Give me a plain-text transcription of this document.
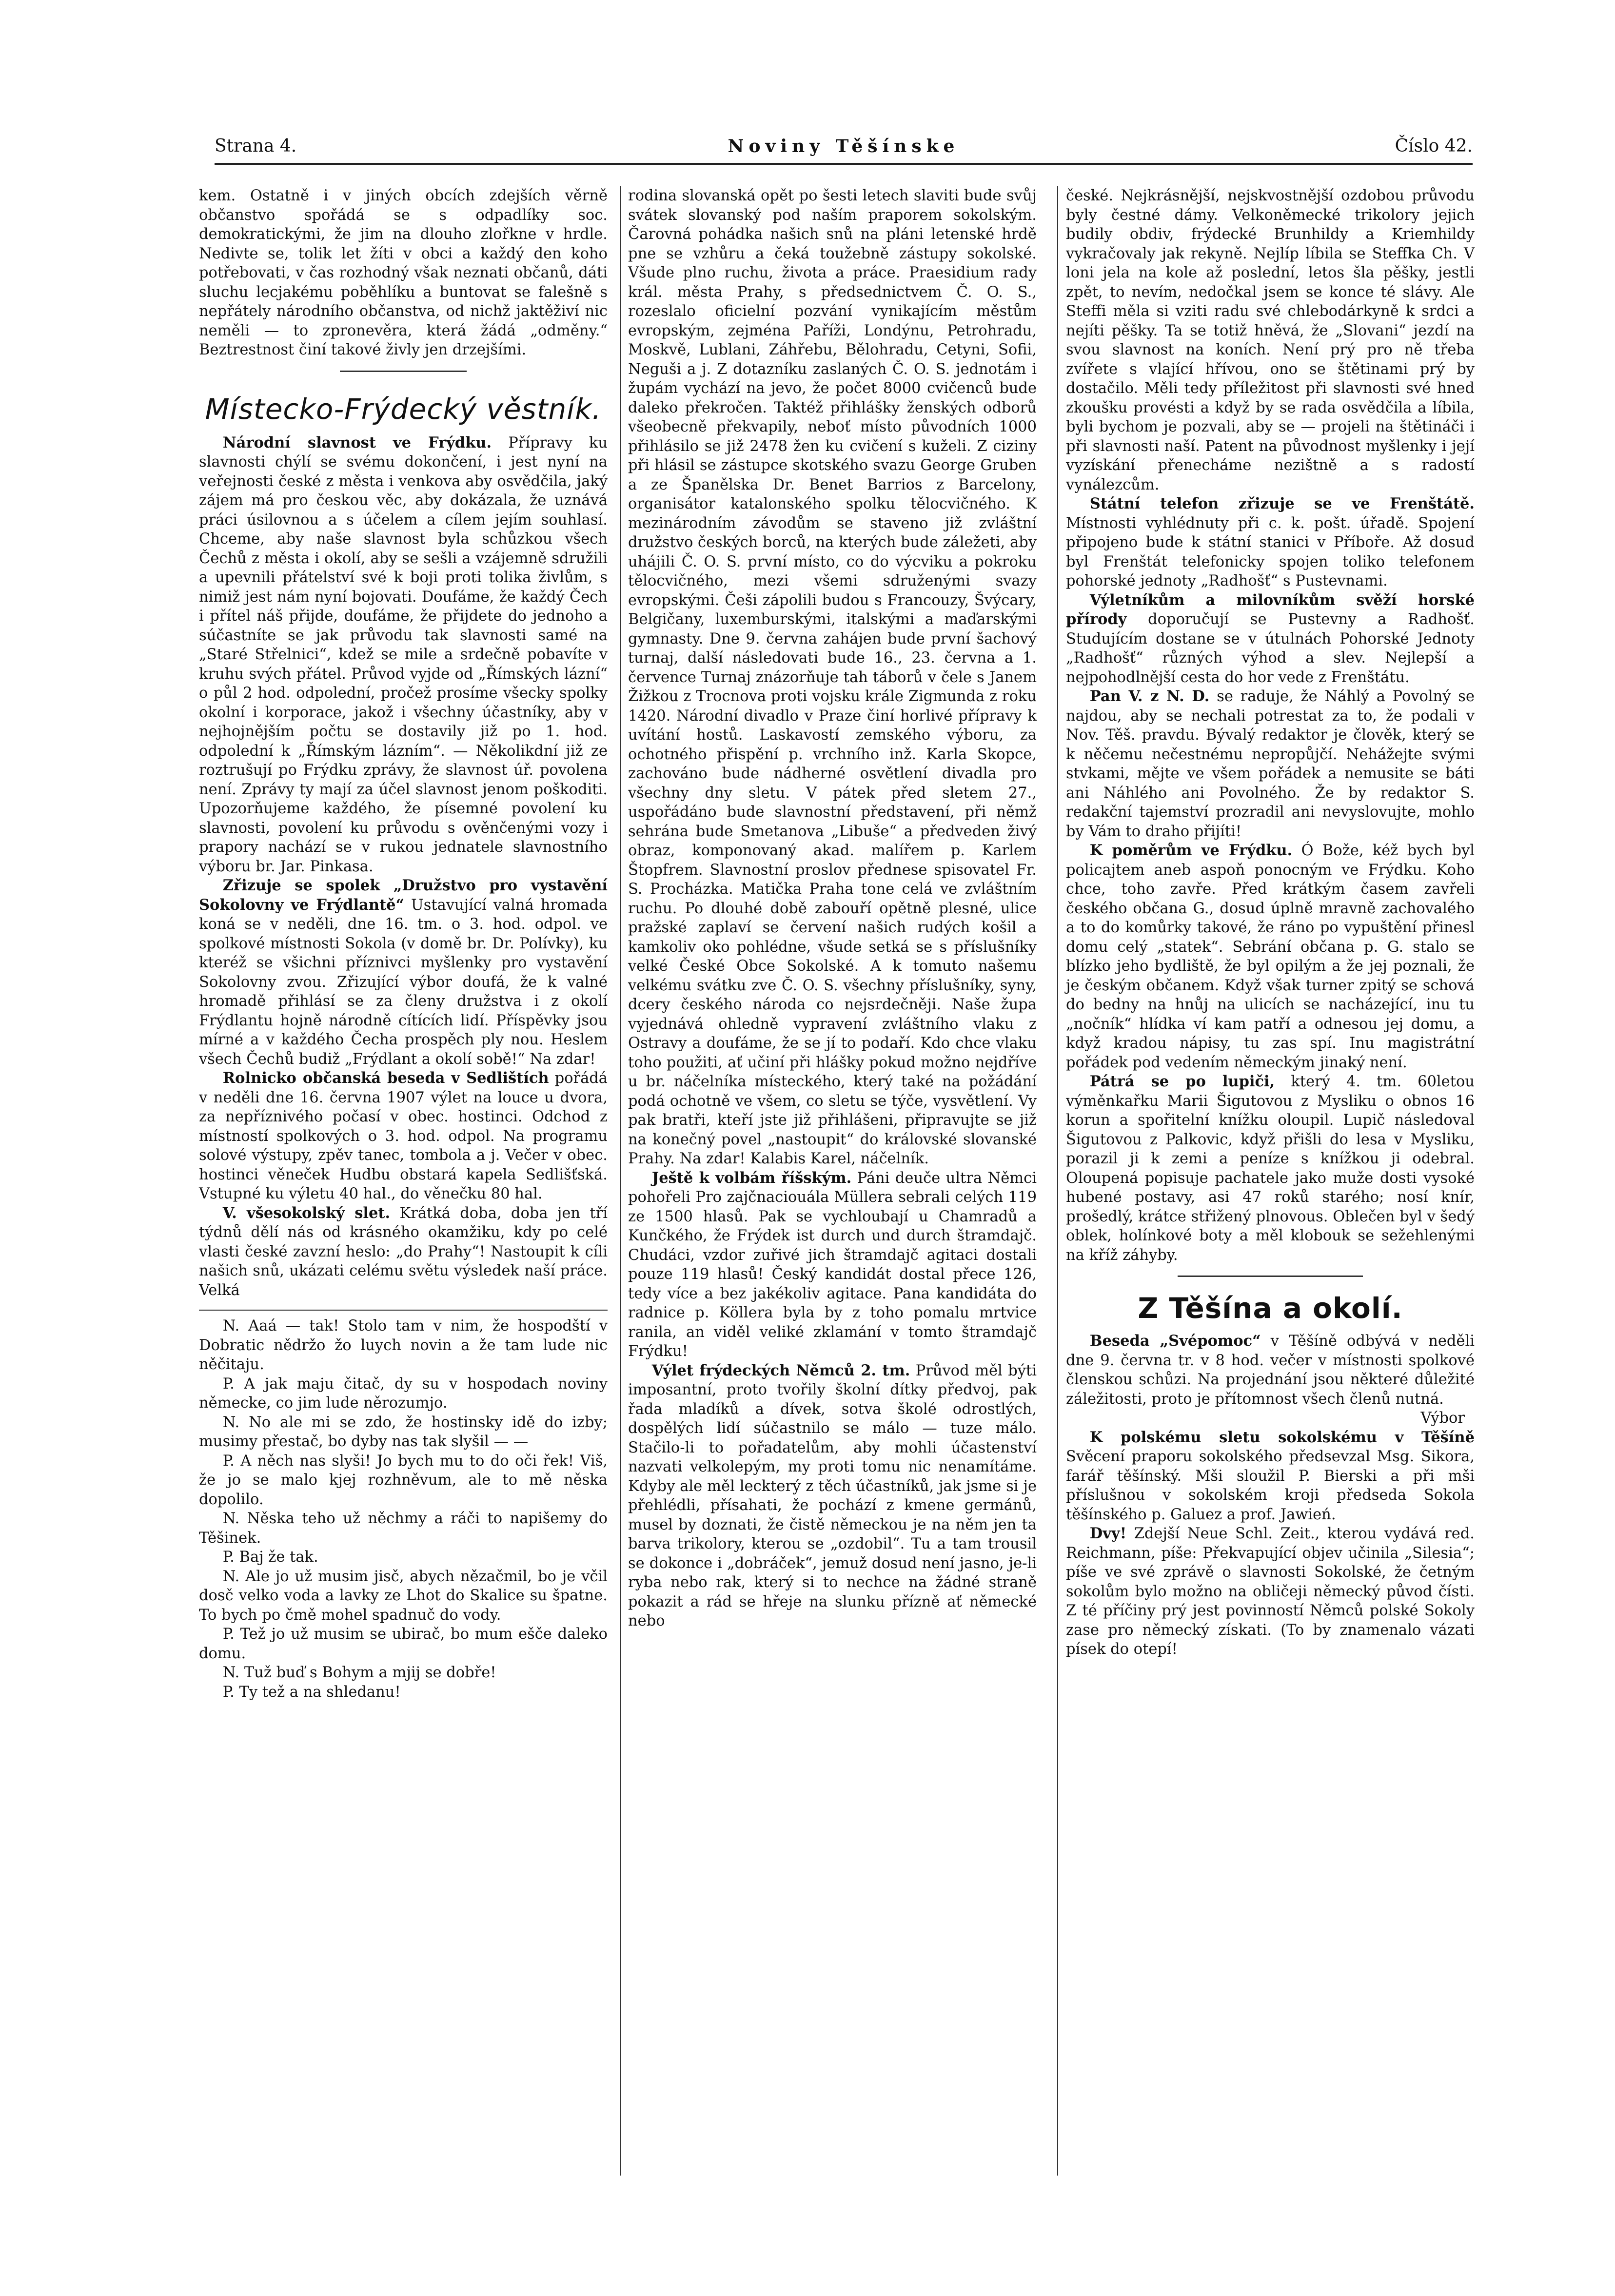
Strana 4.	Noviny Těšínske	Číslo 42.

kem. Ostatně i v jiných obcích zdejších věrně občanstvo spořádá se s odpadlíky soc. demokratickými, že jim na dlouho zlořkne v hrdle. Nedivte se, tolik let žíti v obci a každý den koho potřebovati, v čas rozhodný však neznati občanů, dáti sluchu lecjakému poběhlíku a buntovat se falešně s nepřátely národního občanstva, od nichž jaktěživí nic neměli — to zpronevěra, která žádá „odměny.“ Beztrestnost činí takové živly jen drzejšími.

Místecko-Frýdecký věstník.

Národní slavnost ve Frýdku. Přípravy ku slavnosti chýlí se svému dokončení, i jest nyní na veřejnosti české z města i venkova aby osvědčila, jaký zájem má pro českou věc, aby dokázala, že uznává práci úsilovnou a s účelem a cílem jejím souhlasí. Chceme, aby naše slavnost byla schůzkou všech Čechů z města i okolí, aby se sešli a vzájemně sdružili a upevnili přátelství své k boji proti tolika živlům, s nimiž jest nám nyní bojovati. Doufáme, že každý Čech i přítel náš přijde, doufáme, že přijdete do jednoho a súčastníte se jak průvodu tak slavnosti samé na „Staré Střelnici“, kdež se mile a srdečně pobavíte v kruhu svých přátel. Průvod vyjde od „Římských lázní“ o půl 2 hod. odpolední, pročež prosíme všecky spolky okolní i korporace, jakož i všechny účastníky, aby v nejhojnějším počtu se dostavily již po 1. hod. odpolední k „Římským lázním“. — Několikdní již ze roztrušují po Frýdku zprávy, že slavnost úř. povolena není. Zprávy ty mají za účel slavnost jenom poškoditi. Upozorňujeme každého, že písemné povolení ku slavnosti, povolení ku průvodu s ověnčenými vozy i prapory nachází se v rukou jednatele slavnostního výboru br. Jar. Pinkasa.

Zřizuje se spolek „Družstvo pro vystavění Sokolovny ve Frýdlantě“ Ustavující valná hromada koná se v neděli, dne 16. tm. o 3. hod. odpol. ve spolkové místnosti Sokola (v domě br. Dr. Polívky), ku kteréž se všichni příznivci myšlenky pro vystavění Sokolovny zvou. Zřizující výbor doufá, že k valné hromadě přihlásí se za členy družstva i z okolí Frýdlantu hojně národně cítících lidí. Příspěvky jsou mírné a v každého Čecha prospěch ply nou. Heslem všech Čechů budiž „Frýdlant a okolí sobě!“ Na zdar!

Rolnicko občanská beseda v Sedlištích pořádá v neděli dne 16. června 1907 výlet na louce u dvora, za nepříznivého počasí v obec. hostinci. Odchod z místností spolkových o 3. hod. odpol. Na programu solové výstupy, zpěv tanec, tombola a j. Večer v obec. hostinci věneček Hudbu obstará kapela Sedlišťská. Vstupné ku výletu 40 hal., do věnečku 80 hal.

V. všesokolský slet. Krátká doba, doba jen tří týdnů dělí nás od krásného okamžiku, kdy po celé vlasti české zavzní heslo: „do Prahy“! Nastoupit k cíli našich snů, ukázati celému světu výsledek naší práce. Velká

N. Aaá — tak! Stolo tam v nim, že hospodští v Dobratic nědržo žo luych novin a že tam lude nic něčitaju.

P. A jak maju čitač, dy su v hospodach noviny německe, co jim lude něrozumjo.

N. No ale mi se zdo, že hostinsky idě do izby; musimy přestač, bo dyby nas tak slyšil — —

P. A něch nas slyši! Jo bych mu to do oči řek! Viš, že jo se malo kjej rozhněvum, ale to mě něska dopolilo.

N. Něska teho už něchmy a ráči to napišemy do Těšinek.

P. Baj že tak.

N. Ale jo už musim jisč, abych nězačmil, bo je včil dosč velko voda a lavky ze Lhot do Skalice su špatne. To bych po čmě mohel spadnuč do vody.

P. Tež jo už musim se ubirač, bo mum ešče daleko domu.

N. Tuž buď s Bohym a mjij se dobře!

P. Ty tež a na shledanu!

rodina slovanská opět po šesti letech slaviti bude svůj svátek slovanský pod naším praporem sokolským. Čarovná pohádka našich snů na pláni letenské hrdě pne se vzhůru a čeká toužebně zástupy sokolské. Všude plno ruchu, života a práce. Praesidium rady král. města Prahy, s předsednictvem Č. O. S., rozeslalo oficielní pozvání vynikajícím městům evropským, zejména Paříži, Londýnu, Petrohradu, Moskvě, Lublani, Záhřebu, Bělohradu, Cetyni, Sofii, Neguši a j. Z dotazníku zaslaných Č. O. S. jednotám i župám vychází na jevo, že počet 8000 cvičenců bude daleko překročen. Taktéž přihlášky ženských odborů všeobecně překvapily, neboť místo původních 1000 přihlásilo se již 2478 žen ku cvičení s kuželi. Z ciziny při hlásil se zástupce skotského svazu George Gruben a ze Španělska Dr. Benet Barrios z Barcelony, organisátor katalonského spolku tělocvičného. K mezinárodním závodům se staveno již zvláštní družstvo českých borců, na kterých bude záležeti, aby uhájili Č. O. S. první místo, co do výcviku a pokroku tělocvičného, mezi všemi sdruženými svazy evropskými. Češi zápolili budou s Francouzy, Švýcary, Belgičany, luxemburskými, italskými a maďarskými gymnasty. Dne 9. června zahájen bude první šachový turnaj, další následovati bude 16., 23. června a 1. července Turnaj znázorňuje tah táborů v čele s Janem Žižkou z Trocnova proti vojsku krále Zigmunda z roku 1420. Národní divadlo v Praze činí horlivé přípravy k uvítání hostů. Laskavostí zemského výboru, za ochotného přispění p. vrchního inž. Karla Skopce, zachováno bude nádherné osvětlení divadla pro všechny dny sletu. V pátek před sletem 27., uspořádáno bude slavnostní představení, při němž sehrána bude Smetanova „Libuše“ a předveden živý obraz, komponovaný akad. malířem p. Karlem Štopfrem. Slavnostní proslov přednese spisovatel Fr. S. Procházka. Matička Praha tone celá ve zvláštním ruchu. Po dlouhé době zabouří opětně plesné, ulice pražské zaplaví se červení našich rudých košil a kamkoliv oko pohlédne, všude setká se s příslušníky velké České Obce Sokolské. A k tomuto našemu velkému svátku zve Č. O. S. všechny příslušníky, syny, dcery českého národa co nejsrdečněji. Naše župa vyjednává ohledně vypravení zvláštního vlaku z Ostravy a doufáme, že se jí to podaří. Kdo chce vlaku toho použiti, ať učiní při hlášky pokud možno nejdříve u br. náčelníka místeckého, který také na požádání podá ochotně ve všem, co sletu se týče, vysvětlení. Vy pak bratři, kteří jste již přihlášeni, připravujte se již na konečný povel „nastoupit“ do královské slovanské Prahy. Na zdar! Kalabis Karel, náčelník.

Ještě k volbám říšským. Páni deuče ultra Němci pohořeli Pro zajčnaciouála Müllera sebrali celých 119 ze 1500 hlasů. Pak se vychloubají u Chamradů a Kunčkého, že Frýdek ist durch und durch štramdajč. Chudáci, vzdor zuřivé jich štramdajč agitaci dostali pouze 119 hlasů! Český kandidát dostal přece 126, tedy více a bez jakékoliv agitace. Pana kandidáta do radnice p. Köllera byla by z toho pomalu mrtvice ranila, an viděl veliké zklamání v tomto štramdajč Frýdku!

Výlet frýdeckých Němců 2. tm. Průvod měl býti imposantní, proto tvořily školní dítky předvoj, pak řada mladíků a dívek, sotva školé odrostlých, dospělých lidí súčastnilo se málo — tuze málo. Stačilo-li to pořadatelům, aby mohli účastenství nazvati velkolepým, my proti tomu nic nenamítáme. Kdyby ale měl leckterý z těch účastníků, jak jsme si je přehlédli, přísahati, že pochází z kmene germánů, musel by doznati, že čistě německou je na něm jen ta barva trikolory, kterou se „ozdobil“. Tu a tam trousil se dokonce i „dobráček“, jemuž dosud není jasno, je-li ryba nebo rak, který si to nechce na žádné straně pokazit a rád se hřeje na slunku přízně ať německé nebo

české. Nejkrásnější, nejskvostnější ozdobou průvodu byly čestné dámy. Velkoněmecké trikolory jejich budily obdiv, frýdecké Brunhildy a Kriemhildy vykračovaly jak rekyně. Nejlíp líbila se Steffka Ch. V loni jela na kole až poslední, letos šla pěšky, jestli zpět, to nevím, nedočkal jsem se konce té slávy. Ale Steffi měla si vziti radu své chlebodárkyně k srdci a nejíti pěšky. Ta se totiž hněvá, že „Slovani“ jezdí na svou slavnost na koních. Není prý pro ně třeba zvířete s vlající hřívou, ono se štětinami prý by dostačilo. Měli tedy příležitost při slavnosti své hned zkoušku provésti a když by se rada osvědčila a líbila, byli bychom je pozvali, aby se — projeli na štětináči i při slavnosti naší. Patent na původnost myšlenky i její vyzískání přenecháme nezištně a s radostí vynálezcům.

Státní telefon zřizuje se ve Frenštátě. Místnosti vyhlédnuty při c. k. pošt. úřadě. Spojení připojeno bude k státní stanici v Příboře. Až dosud byl Frenštát telefonicky spojen toliko telefonem pohorské jednoty „Radhošť“ s Pustevnami.

Výletníkům a milovníkům svěží horské přírody doporučují se Pustevny a Radhošť. Studujícím dostane se v útulnách Pohorské Jednoty „Radhošť“ různých výhod a slev. Nejlepší a nejpohodlnější cesta do hor vede z Frenštátu.

Pan V. z N. D. se raduje, že Náhlý a Povolný se najdou, aby se nechali potrestat za to, že podali v Nov. Těš. pravdu. Bývalý redaktor je člověk, který se k něčemu nečestnému nepropůjčí. Nehážejte svými stvkami, mějte ve všem pořádek a nemusite se báti ani Náhlého ani Povolného. Že by redaktor S. redakční tajemství prozradil ani nevyslovujte, mohlo by Vám to draho přijíti!

K poměrům ve Frýdku. Ó Bože, kéž bych byl policajtem aneb aspoň ponocným ve Frýdku. Koho chce, toho zavře. Před krátkým časem zavřeli českého občana G., dosud úplně mravně zachovalého a to do komůrky takové, že ráno po vypuštění přinesl domu celý „statek“. Sebrání občana p. G. stalo se blízko jeho bydliště, že byl opilým a že jej poznali, že je českým občanem. Když však turner zpitý se schová do bedny na hnůj na ulicích se nacházející, inu tu „nočník“ hlídka ví kam patří a odnesou jej domu, a když kradou nápisy, tu zas spí. Inu magistrátní pořádek pod vedením německým jinaký není.

Pátrá se po lupiči, který 4. tm. 60letou výměnkařku Marii Šigutovou z Mysliku o obnos 16 korun a spořitelní knížku oloupil. Lupič následoval Šigutovou z Palkovic, když přišli do lesa v Mysliku, porazil ji k zemi a peníze s knížkou ji odebral. Oloupená popisuje pachatele jako muže dosti vysoké hubené postavy, asi 47 roků starého; nosí knír, prošedlý, krátce střižený plnovous. Oblečen byl v šedý oblek, holínkové boty a měl klobouk se sežehlenými na kříž záhyby.

Z Těšína a okolí.

Beseda „Svépomoc“ v Těšíně odbývá v neděli dne 9. června tr. v 8 hod. večer v místnosti spolkové členskou schůzi. Na projednání jsou některé důležité záležitosti, proto je přítomnost všech členů nutná.

Výbor

K polskému sletu sokolskému v Těšíně Svěcení praporu sokolského předsevzal Msg. Sikora, farář těšínský. Mši sloužil P. Bierski a při mši příslušnou v sokolském kroji předseda Sokola těšínského p. Galuez a prof. Jawień.

Dvy! Zdejší Neue Schl. Zeit., kterou vydává red. Reichmann, píše: Překvapující objev učinila „Silesia“; píše ve své zprávě o slavnosti Sokolské, že četným sokolům bylo možno na obličeji německý původ čísti. Z té příčiny prý jest povinností Němců polské Sokoly zase pro německý získati. (To by znamenalo vázati písek do otepí!
